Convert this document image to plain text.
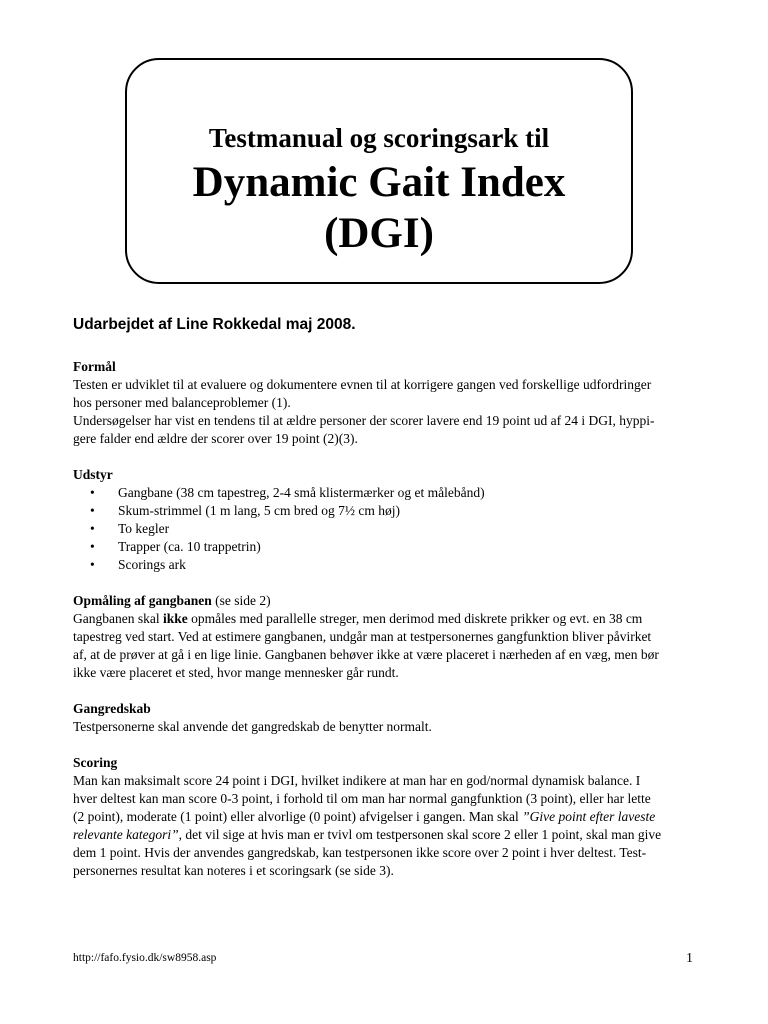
Testmanual og scoringsark til
Dynamic Gait Index
(DGI)
Udarbejdet af Line Rokkedal maj 2008.

Formål

Testen er udviklet til at evaluere og dokumentere evnen til at korrigere gangen ved forskellige udfordringer

hos personer med balanceproblemer (1).

Undersøgelser har vist en tendens til at ældre personer der scorer lavere end 19 point ud af 24 i DGI, hyppi-

gere falder end ældre der scorer over 19 point (2)(3).

Udstyr

• Gangbane (38 cm tapestreg, 2-4 små klistermærker og et målebånd)
• Skum-strimmel (1 m lang, 5 cm bred og 7½ cm høj)
• To kegler
• Trapper (ca. 10 trappetrin)
• Scorings ark

Opmåling af gangbanen (se side 2)

Gangbanen skal ikke opmåles med parallelle streger, men derimod med diskrete prikker og evt. en 38 cm

tapestreg ved start. Ved at estimere gangbanen, undgår man at testpersonernes gangfunktion bliver påvirket

af, at de prøver at gå i en lige linie. Gangbanen behøver ikke at være placeret i nærheden af en væg, men bør

ikke være placeret et sted, hvor mange mennesker går rundt.

Gangredskab

Testpersonerne skal anvende det gangredskab de benytter normalt.

Scoring

Man kan maksimalt score 24 point i DGI, hvilket indikere at man har en god/normal dynamisk balance. I

hver deltest kan man score 0-3 point, i forhold til om man har normal gangfunktion (3 point), eller har lette

(2 point), moderate (1 point) eller alvorlige (0 point) afvigelser i gangen. Man skal ”Give point efter laveste

relevante kategori”, det vil sige at hvis man er tvivl om testpersonen skal score 2 eller 1 point, skal man give

dem 1 point. Hvis der anvendes gangredskab, kan testpersonen ikke score over 2 point i hver deltest. Test-

personernes resultat kan noteres i et scoringsark (se side 3).

http://fafo.fysio.dk/sw8958.asp	1
